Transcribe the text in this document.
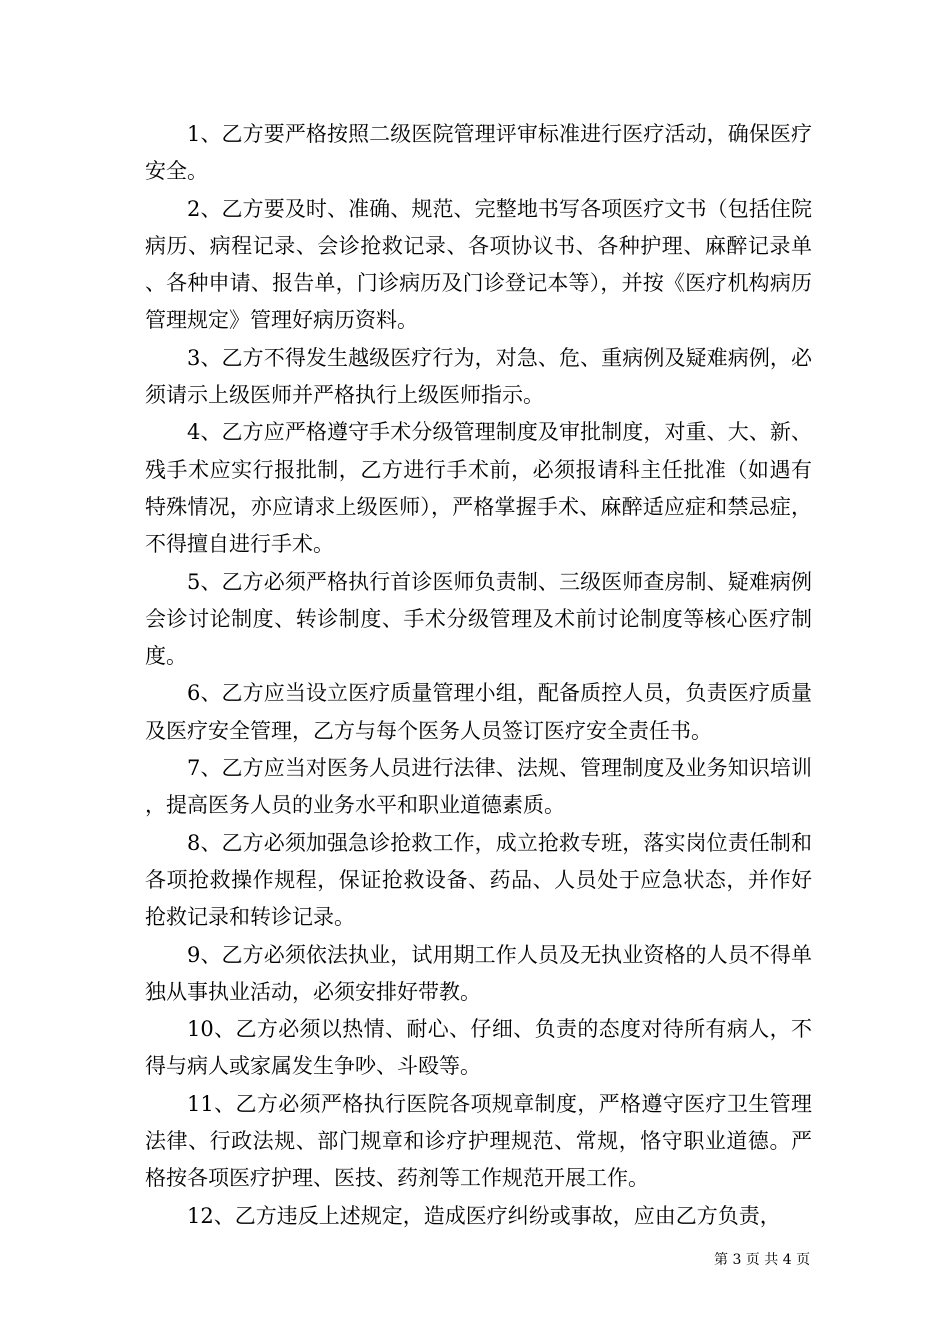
1、乙方要严格按照二级医院管理评审标准进行医疗活动，确保医疗安全。

2、乙方要及时、准确、规范、完整地书写各项医疗文书（包括住院病历、病程记录、会诊抢救记录、各项协议书、各种护理、麻醉记录单、各种申请、报告单，门诊病历及门诊登记本等），并按《医疗机构病历管理规定》管理好病历资料。

3、乙方不得发生越级医疗行为，对急、危、重病例及疑难病例，必须请示上级医师并严格执行上级医师指示。

4、乙方应严格遵守手术分级管理制度及审批制度，对重、大、新、残手术应实行报批制，乙方进行手术前，必须报请科主任批准（如遇有特殊情况，亦应请求上级医师），严格掌握手术、麻醉适应症和禁忌症，不得擅自进行手术。

5、乙方必须严格执行首诊医师负责制、三级医师查房制、疑难病例会诊讨论制度、转诊制度、手术分级管理及术前讨论制度等核心医疗制度。

6、乙方应当设立医疗质量管理小组，配备质控人员，负责医疗质量及医疗安全管理，乙方与每个医务人员签订医疗安全责任书。

7、乙方应当对医务人员进行法律、法规、管理制度及业务知识培训，提高医务人员的业务水平和职业道德素质。

8、乙方必须加强急诊抢救工作，成立抢救专班，落实岗位责任制和各项抢救操作规程，保证抢救设备、药品、人员处于应急状态，并作好抢救记录和转诊记录。

9、乙方必须依法执业，试用期工作人员及无执业资格的人员不得单独从事执业活动，必须安排好带教。

10、乙方必须以热情、耐心、仔细、负责的态度对待所有病人，不得与病人或家属发生争吵、斗殴等。

11、乙方必须严格执行医院各项规章制度，严格遵守医疗卫生管理法律、行政法规、部门规章和诊疗护理规范、常规，恪守职业道德。严格按各项医疗护理、医技、药剂等工作规范开展工作。

12、乙方违反上述规定，造成医疗纠纷或事故，应由乙方负责，

第 3 页 共 4 页
